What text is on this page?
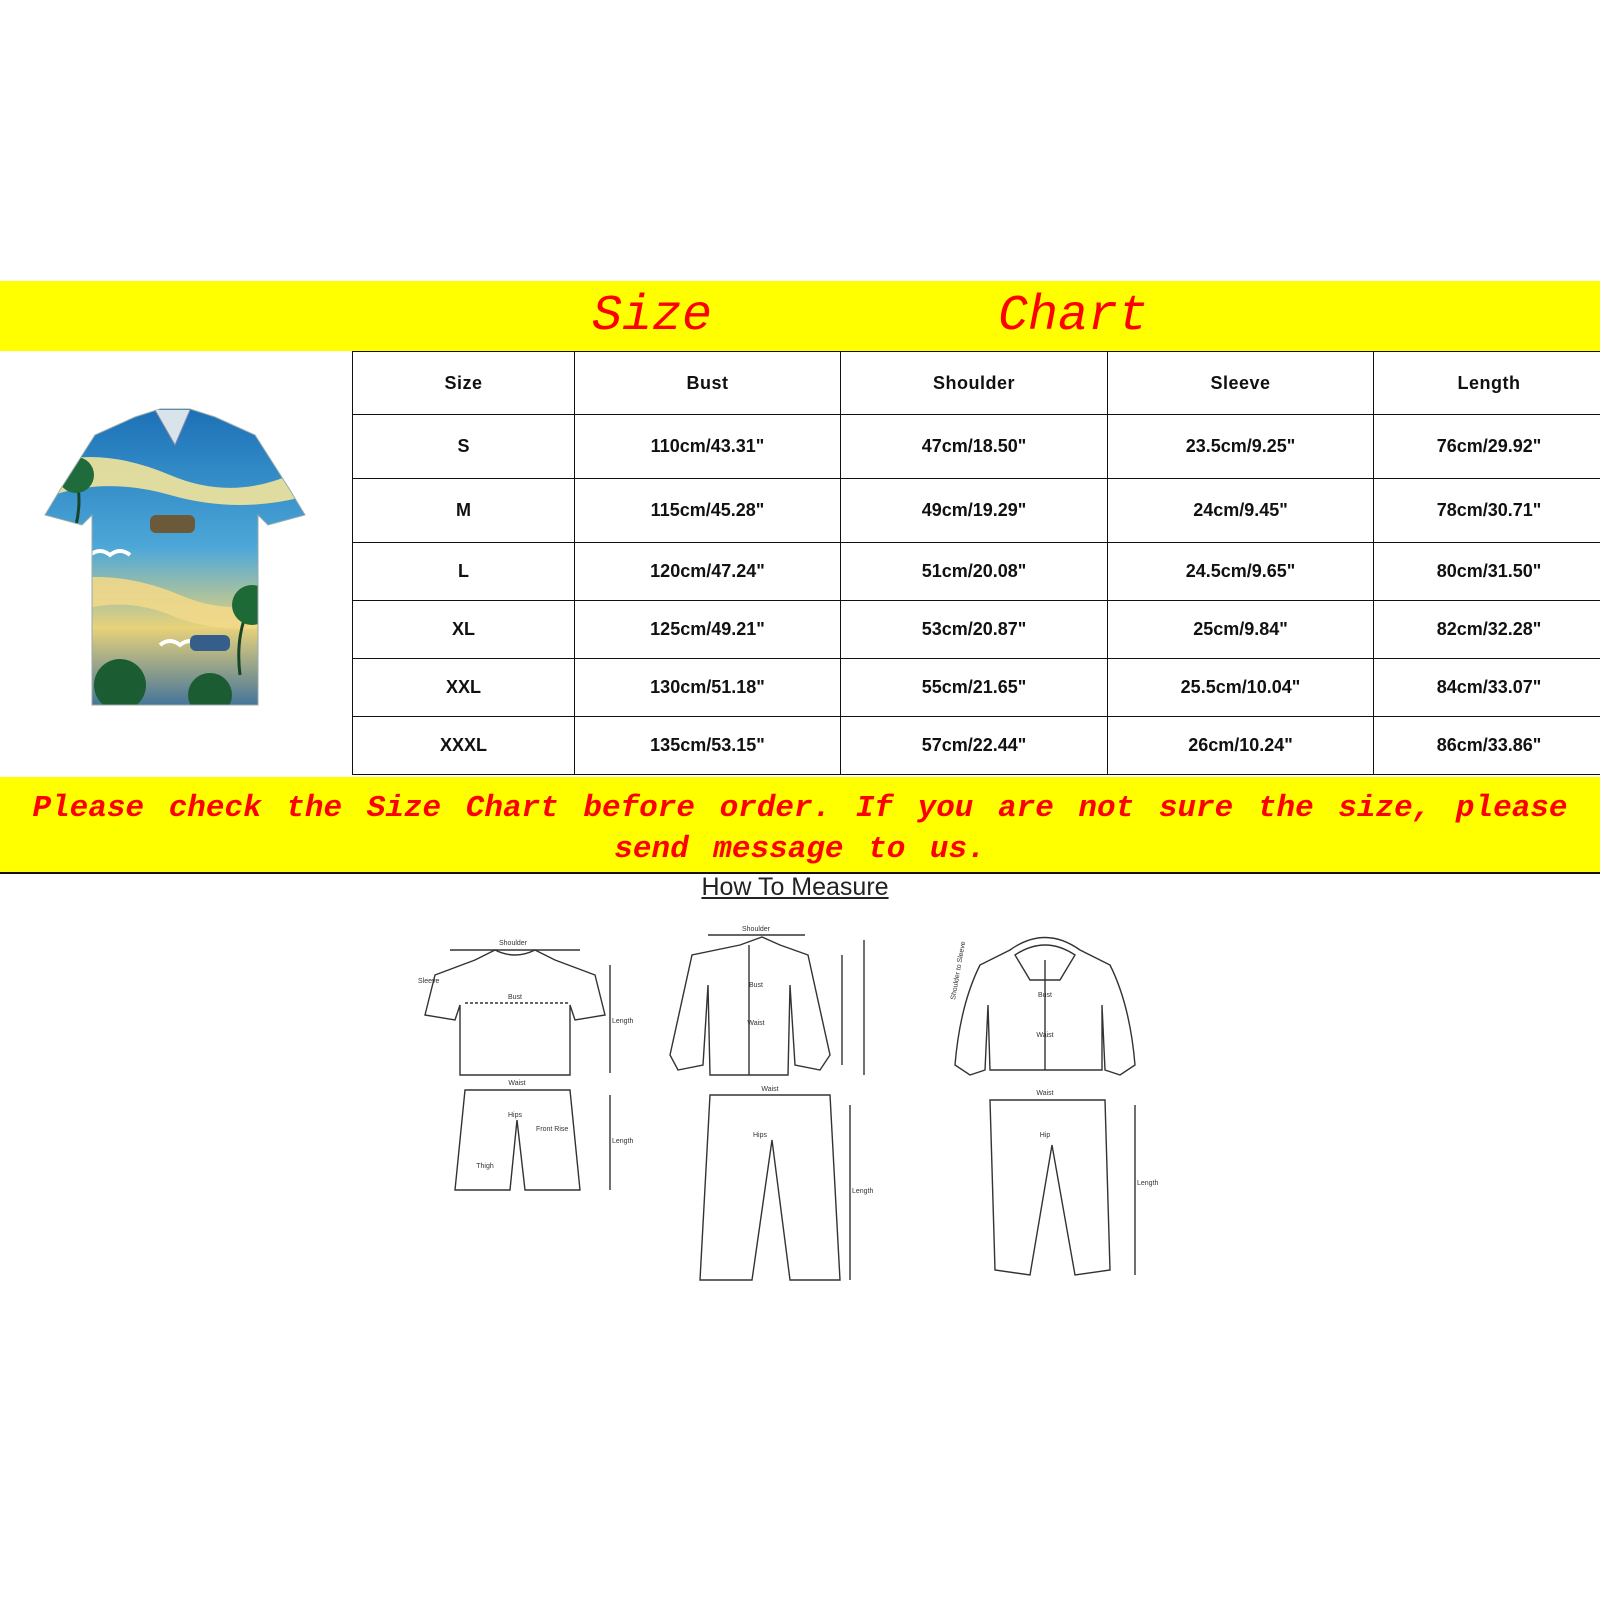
Size	Chart
Size	Bust	Shoulder	Sleeve	Length
S	110cm/43.31"	47cm/18.50"	23.5cm/9.25"	76cm/29.92"
M	115cm/45.28"	49cm/19.29"	24cm/9.45"	78cm/30.71"
L	120cm/47.24"	51cm/20.08"	24.5cm/9.65"	80cm/31.50"
XL	125cm/49.21"	53cm/20.87"	25cm/9.84"	82cm/32.28"
XXL	130cm/51.18"	55cm/21.65"	25.5cm/10.04"	84cm/33.07"
XXXL	135cm/53.15"	57cm/22.44"	26cm/10.24"	86cm/33.86"
Please check the Size Chart before order. If you are not sure the size, please send message to us.
How To Measure
Shoulder
Bust
Length
Sleeve
Waist
Hips
Front Rise
Thigh
Length
Shoulder
Bust
Waist
Waist
Hips
Length
Bust
Waist
Shoulder to Sleeve
Waist
Hip
Length
